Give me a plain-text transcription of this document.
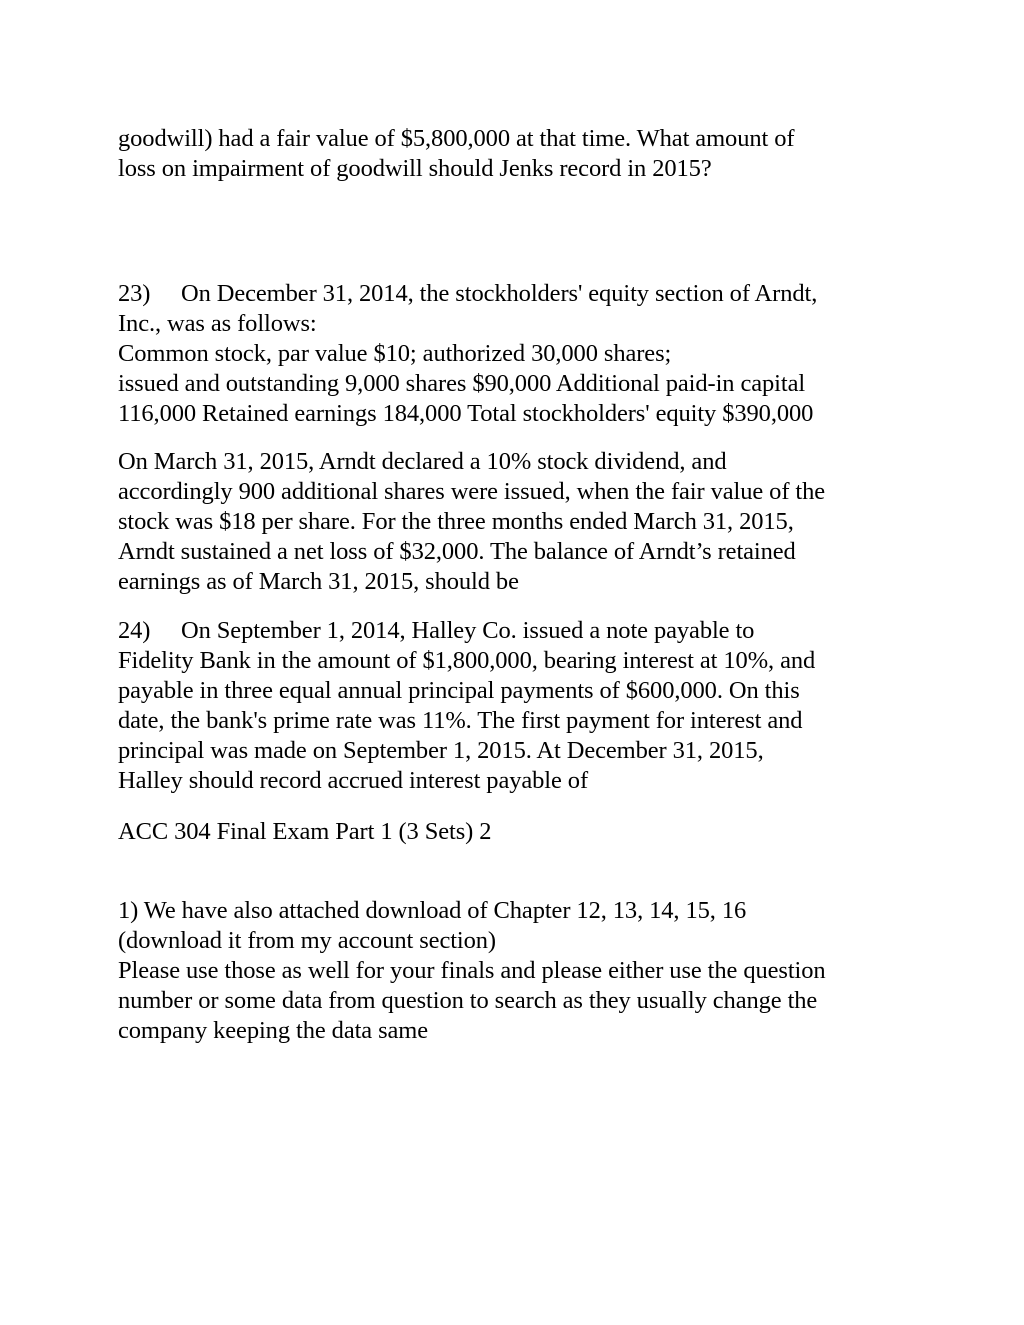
goodwill) had a fair value of $5,800,000 at that time. What amount of
loss on impairment of goodwill should Jenks record in 2015?
23) On December 31, 2014, the stockholders' equity section of Arndt,
Inc., was as follows:
Common stock, par value $10; authorized 30,000 shares;
issued and outstanding 9,000 shares $90,000 Additional paid-in capital
116,000 Retained earnings 184,000 Total stockholders' equity $390,000
On March 31, 2015, Arndt declared a 10% stock dividend, and
accordingly 900 additional shares were issued, when the fair value of the
stock was $18 per share. For the three months ended March 31, 2015,
Arndt sustained a net loss of $32,000. The balance of Arndt’s retained
earnings as of March 31, 2015, should be
24) On September 1, 2014, Halley Co. issued a note payable to
Fidelity Bank in the amount of $1,800,000, bearing interest at 10%, and
payable in three equal annual principal payments of $600,000. On this
date, the bank's prime rate was 11%. The first payment for interest and
principal was made on September 1, 2015. At December 31, 2015,
Halley should record accrued interest payable of
ACC 304 Final Exam Part 1 (3 Sets) 2
1) We have also attached download of Chapter 12, 13, 14, 15, 16
(download it from my account section)
Please use those as well for your finals and please either use the question
number or some data from question to search as they usually change the
company keeping the data same
